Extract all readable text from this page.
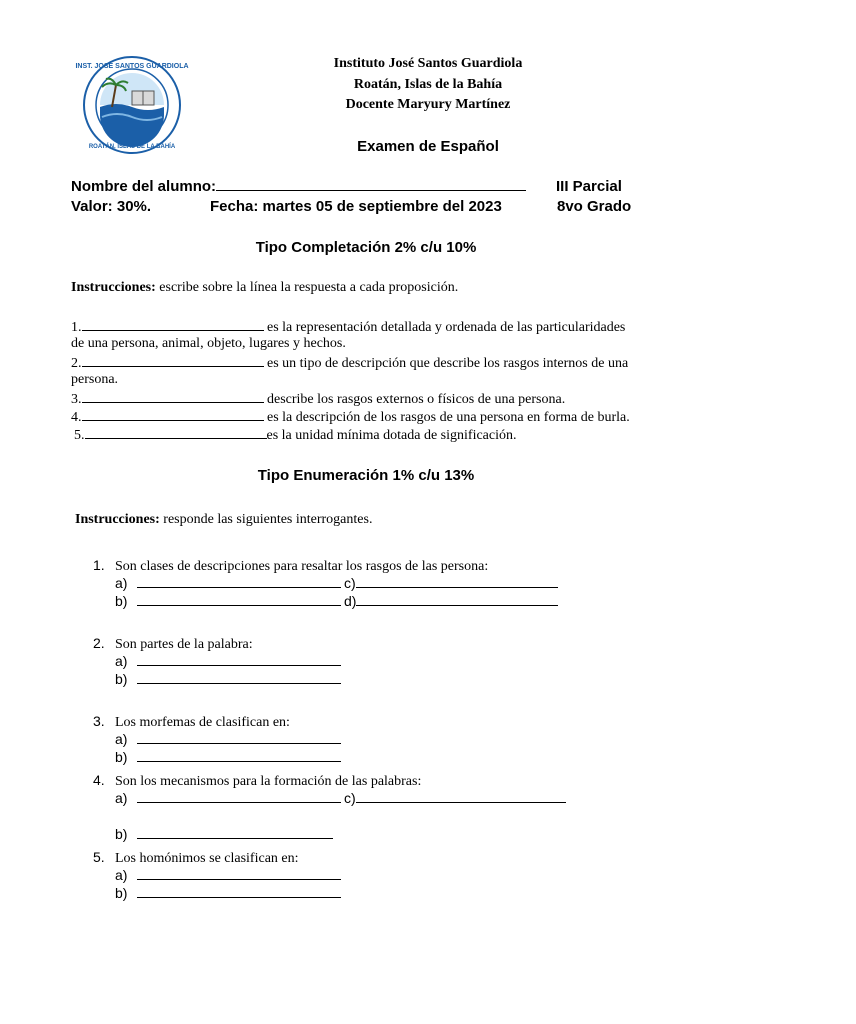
INST. JOSÉ SANTOS GUARDIOLA
ROATÁN, ISLAS DE LA BAHÍA
Instituto José Santos Guardiola
Roatán, Islas de la Bahía
Docente Maryury Martínez
Examen de Español
Nombre del alumno:	III Parcial
Valor: 30%.	Fecha: martes 05 de septiembre del 2023	8vo Grado
Tipo Completación 2% c/u 10%
Instrucciones: escribe sobre la línea la respuesta a cada proposición.
1.	es la representación detallada y ordenada de las particularidades
de una persona, animal, objeto, lugares y hechos.
2.	es un tipo de descripción que describe los rasgos internos de una
persona.
3.	describe los rasgos externos o físicos de una persona.
4.	es la descripción de los rasgos de una persona en forma de burla.
5.	es la unidad mínima dotada de significación.
Tipo Enumeración 1% c/u 13%
Instrucciones: responde las siguientes interrogantes.
1. Son clases de descripciones para resaltar los rasgos de las persona:
a)	c)
b)	d)
2. Son partes de la palabra:
a)
b)
3. Los morfemas de clasifican en:
a)
b)
4. Son los mecanismos para la formación de las palabras:
a)	c)
b)
5. Los homónimos se clasifican en:
a)
b)
